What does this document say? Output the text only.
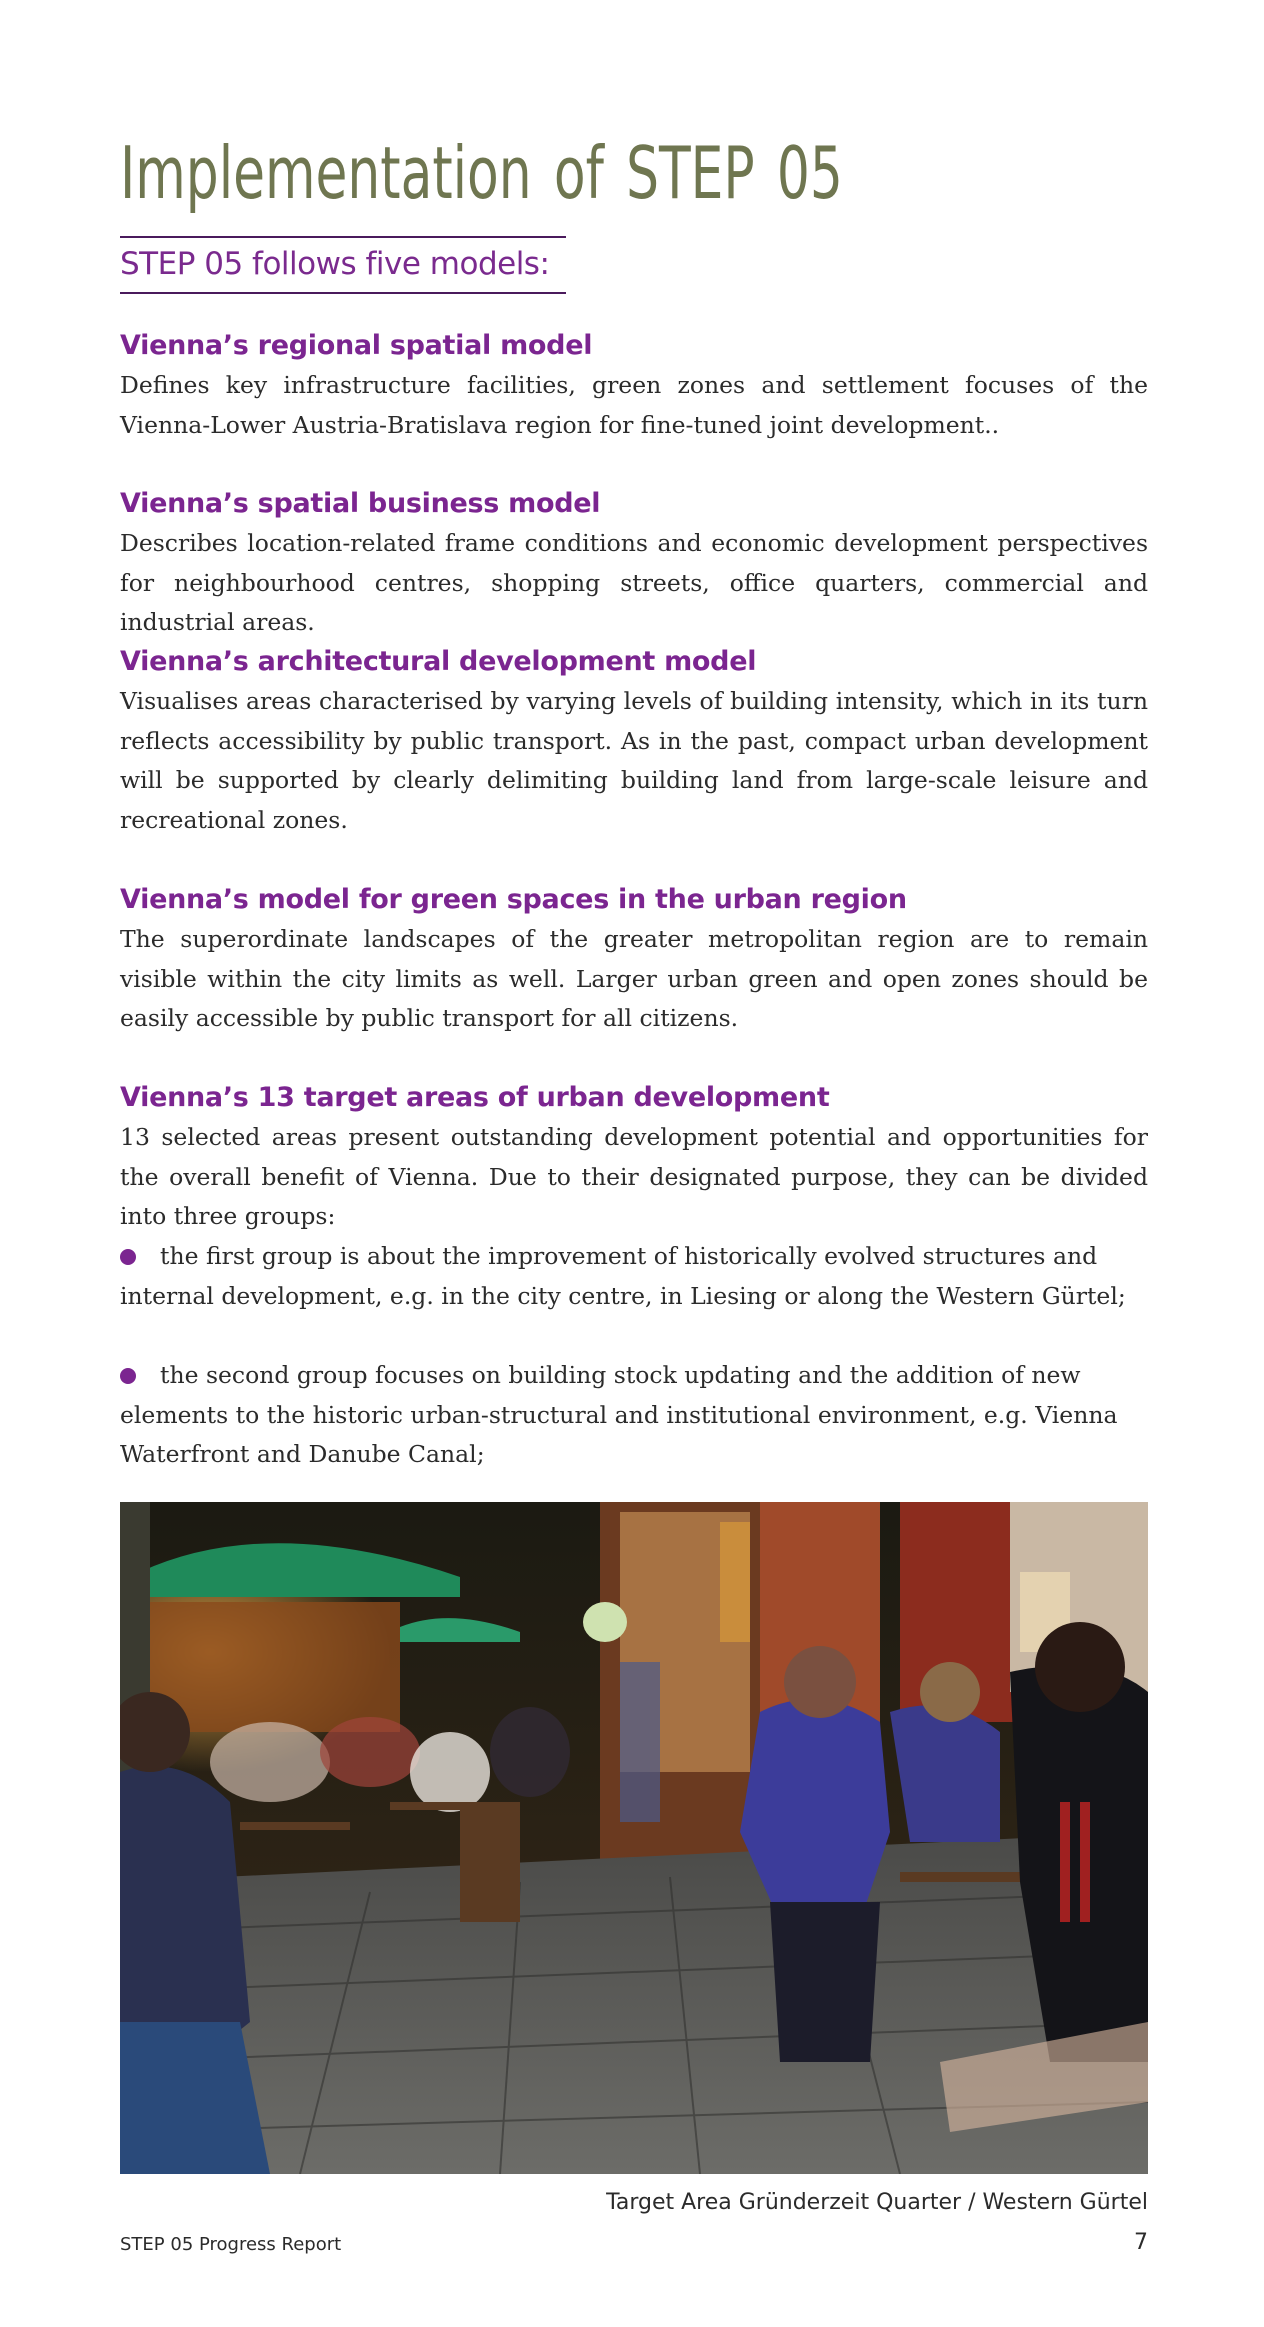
Implementation of STEP 05
STEP 05 follows five models:
Vienna’s regional spatial model
Defines key infrastructure facilities, green zones and settlement focuses of the Vienna-Lower Austria-Bratislava region for fine-tuned joint development..
Vienna’s spatial business model
Describes location-related frame conditions and economic development perspectives for neighbourhood centres, shopping streets, office quarters, commercial and industrial areas.
Vienna’s architectural development model
Visualises areas characterised by varying levels of building intensity, which in its turn reflects accessibility by public transport. As in the past, compact urban development will be supported by clearly delimiting building land from large-scale leisure and recreational zones.
Vienna’s model for green spaces in the urban region
The superordinate landscapes of the greater metropolitan region are to remain visible within the city limits as well. Larger urban green and open zones should be easily accessible by public transport for all citizens.
Vienna’s 13 target areas of urban development
13 selected areas present outstanding development potential and opportunities for the overall benefit of Vienna. Due to their designated purpose, they can be divided into three groups:
the first group is about the improvement of historically evolved structures and internal development, e.g. in the city centre, in Liesing or along the Western Gürtel;
the second group focuses on building stock updating and the addition of new elements to the historic urban-structural and institutional environment, e.g. Vienna Waterfront and Danube Canal;
Target Area Gründerzeit Quarter / Western Gürtel
STEP 05 Progress Report	7
